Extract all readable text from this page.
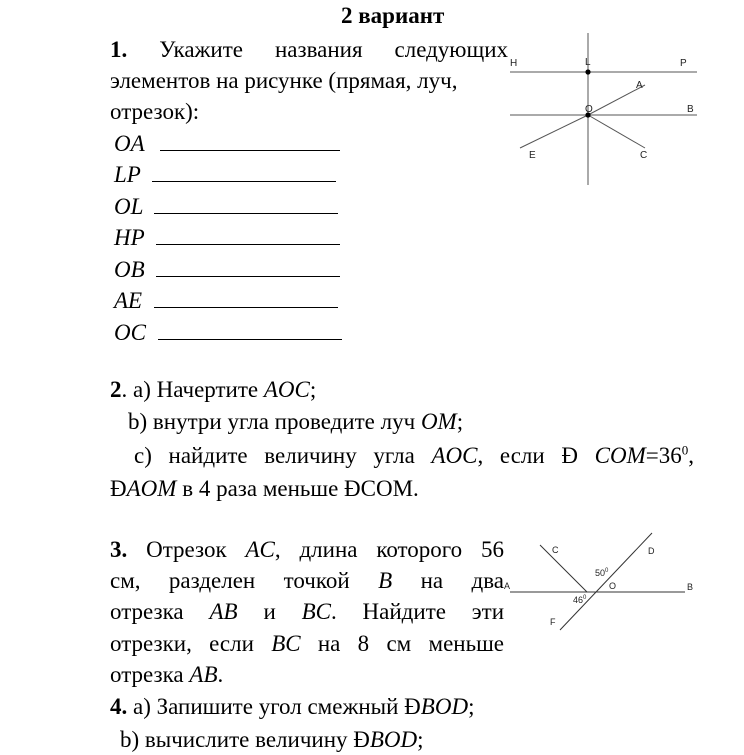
2 вариант
1. Укажите названия следующих
элементов на рисунке (прямая, луч,
отрезок):
OA
LP
OL
HP
OB
AE
OC
H	L	P
O
A
B
E	C
2. а) Начертите AOC;
b) внутри угла проведите луч OM;
c) найдите величину угла AOC, если Ð $COM=36^0$,
ÐAOM в 4 раза меньше ÐCOM.
3. Отрезок AC, длина которого 56
см, разделен точкой B на два
отрезка AB и BC. Найдите эти
отрезки, если BC на 8 см меньше
отрезка AB.
A	B
C	D
F
O
$50^0$
$46^0$
4. а) Запишите угол смежный ÐBOD;
b) вычислите величину ÐBOD;
